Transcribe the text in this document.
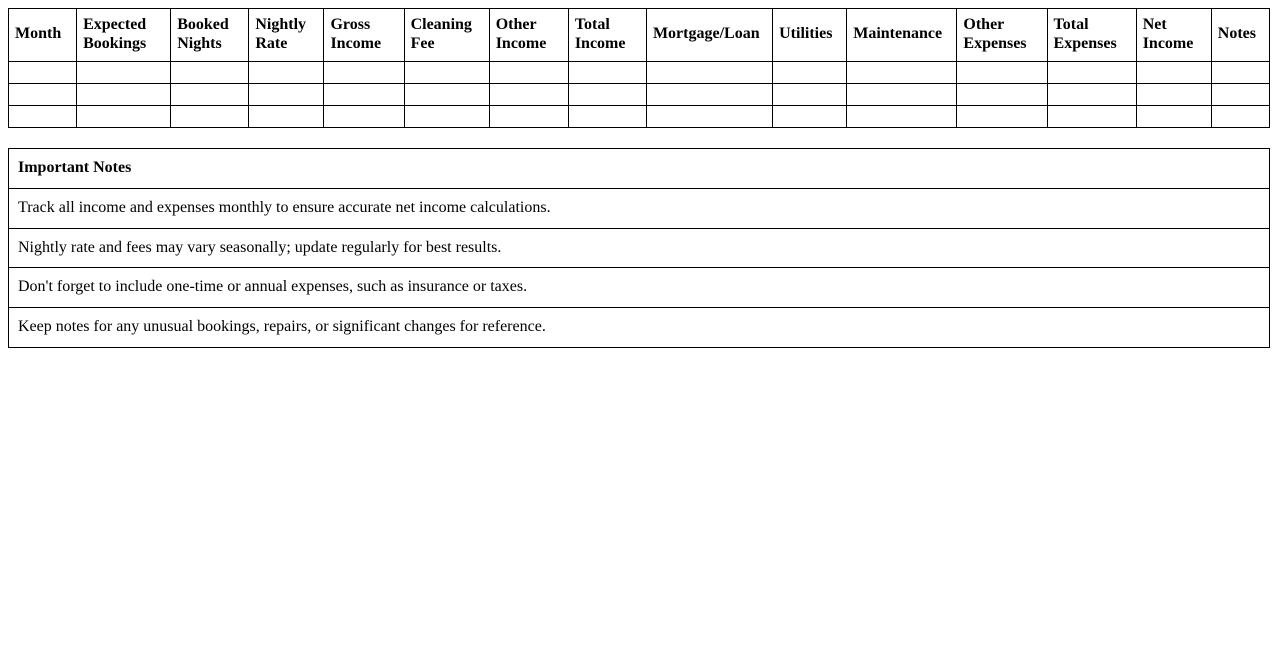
Month	Expected Bookings	Booked Nights	Nightly Rate	Gross Income	Cleaning Fee	Other Income	Total Income	Mortgage/Loan	Utilities	Maintenance	Other Expenses	Total Expenses	Net Income	Notes

Important Notes
Track all income and expenses monthly to ensure accurate net income calculations.
Nightly rate and fees may vary seasonally; update regularly for best results.
Don't forget to include one-time or annual expenses, such as insurance or taxes.
Keep notes for any unusual bookings, repairs, or significant changes for reference.
